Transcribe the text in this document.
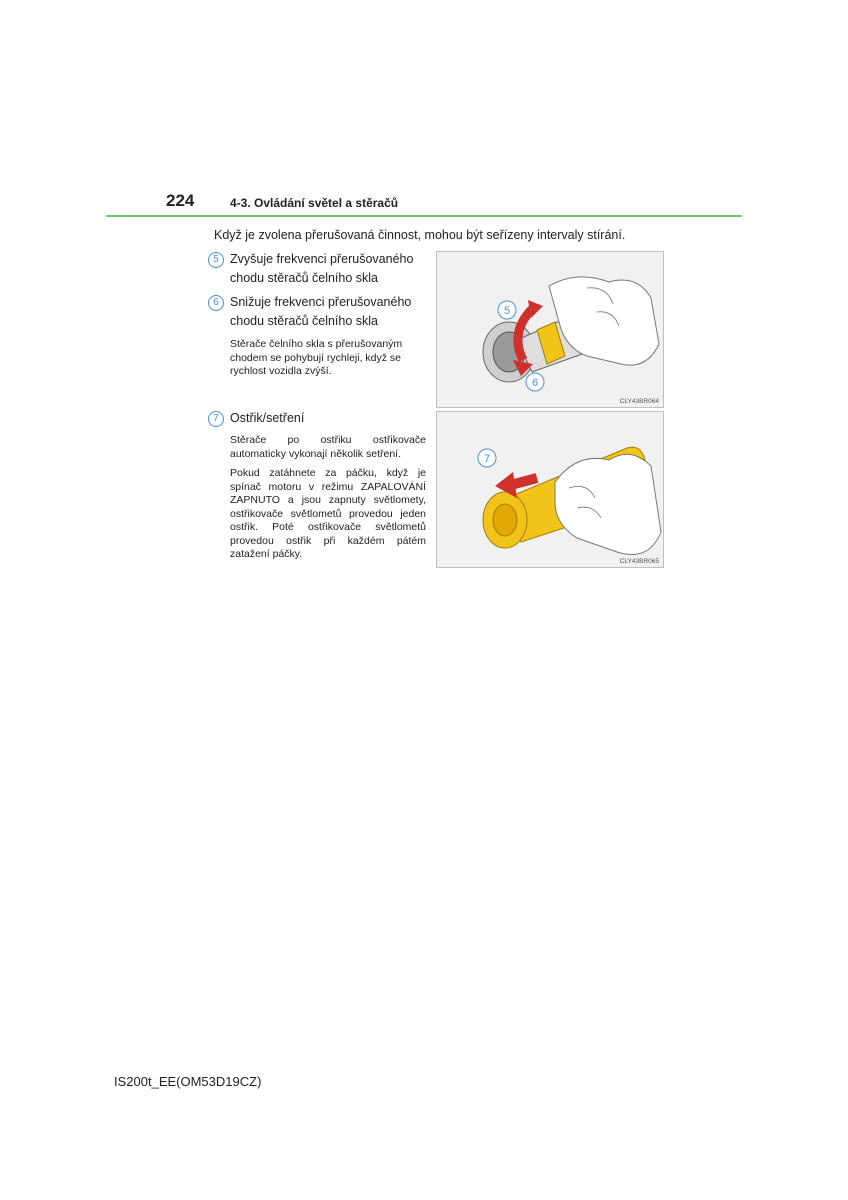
224	4-3. Ovládání světel a stěračů
Když je zvolena přerušovaná činnost, mohou být seřízeny intervaly stírání.
5 Zvyšuje frekvenci přerušovaného chodu stěračů čelního skla
6 Snižuje frekvenci přerušovaného chodu stěračů čelního skla
Stěrače čelního skla s přerušovaným chodem se pohybují rychleji, když se rychlost vozidla zvýší.
7 Ostřik/setření
Stěrače po ostřiku ostřikovače automaticky vykonají několik setření.
Pokud zatáhnete za páčku, když je spínač motoru v režimu ZAPALOVÁNÍ ZAPNUTO a jsou zapnuty světlomety, ostřikovače světlometů provedou jeden ostřik. Poté ostřikovače světlometů provedou ostřik při každém pátém zatažení páčky.
5
6
CLY43BR064
7
CLY43BR065
IS200t_EE(OM53D19CZ)
